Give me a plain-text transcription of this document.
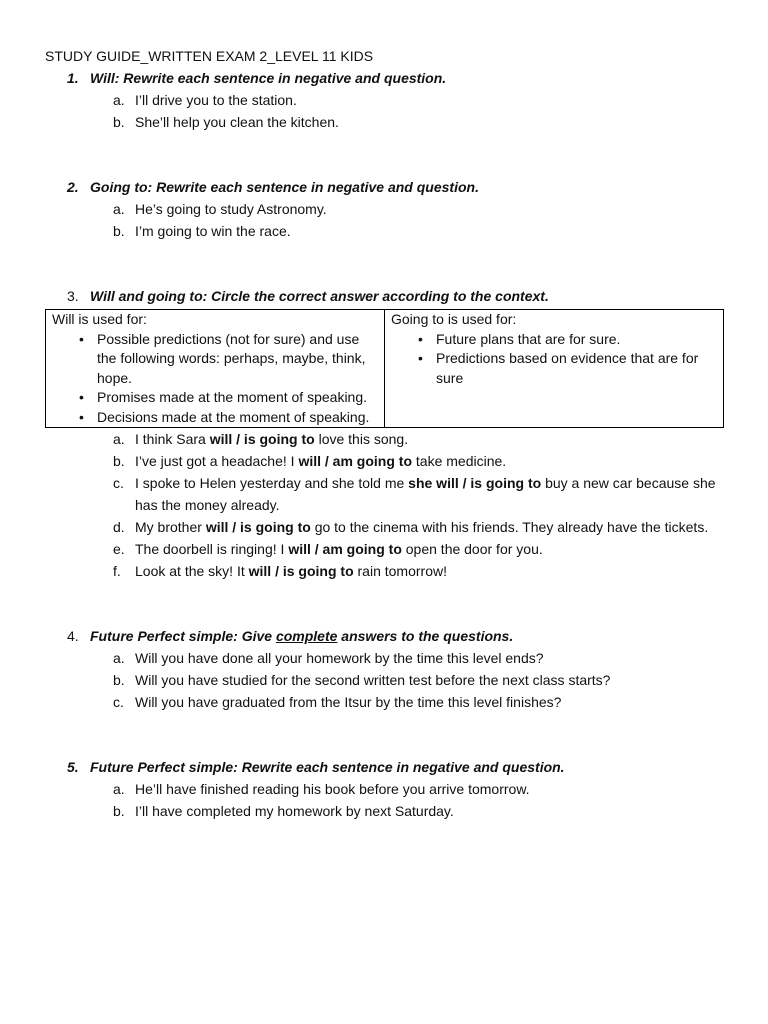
STUDY GUIDE_WRITTEN EXAM 2_LEVEL 11 KIDS
1. Will: Rewrite each sentence in negative and question.
a. I’ll drive you to the station.
b. She’ll help you clean the kitchen.
2. Going to: Rewrite each sentence in negative and question.
a. He’s going to study Astronomy.
b. I’m going to win the race.
3. Will and going to: Circle the correct answer according to the context.
Will is used for:
• Possible predictions (not for sure) and use the following words: perhaps, maybe, think, hope.
• Promises made at the moment of speaking.
• Decisions made at the moment of speaking.

Going to is used for:
• Future plans that are for sure.
• Predictions based on evidence that are for sure
a. I think Sara will / is going to love this song.
b. I’ve just got a headache! I will / am going to take medicine.
c. I spoke to Helen yesterday and she told me she will / is going to buy a new car because she has the money already.
d. My brother will / is going to go to the cinema with his friends. They already have the tickets.
e. The doorbell is ringing! I will / am going to open the door for you.
f. Look at the sky! It will / is going to rain tomorrow!
4. Future Perfect simple: Give complete answers to the questions.
a. Will you have done all your homework by the time this level ends?
b. Will you have studied for the second written test before the next class starts?
c. Will you have graduated from the Itsur by the time this level finishes?
5. Future Perfect simple: Rewrite each sentence in negative and question.
a. He’ll have finished reading his book before you arrive tomorrow.
b. I’ll have completed my homework by next Saturday.
